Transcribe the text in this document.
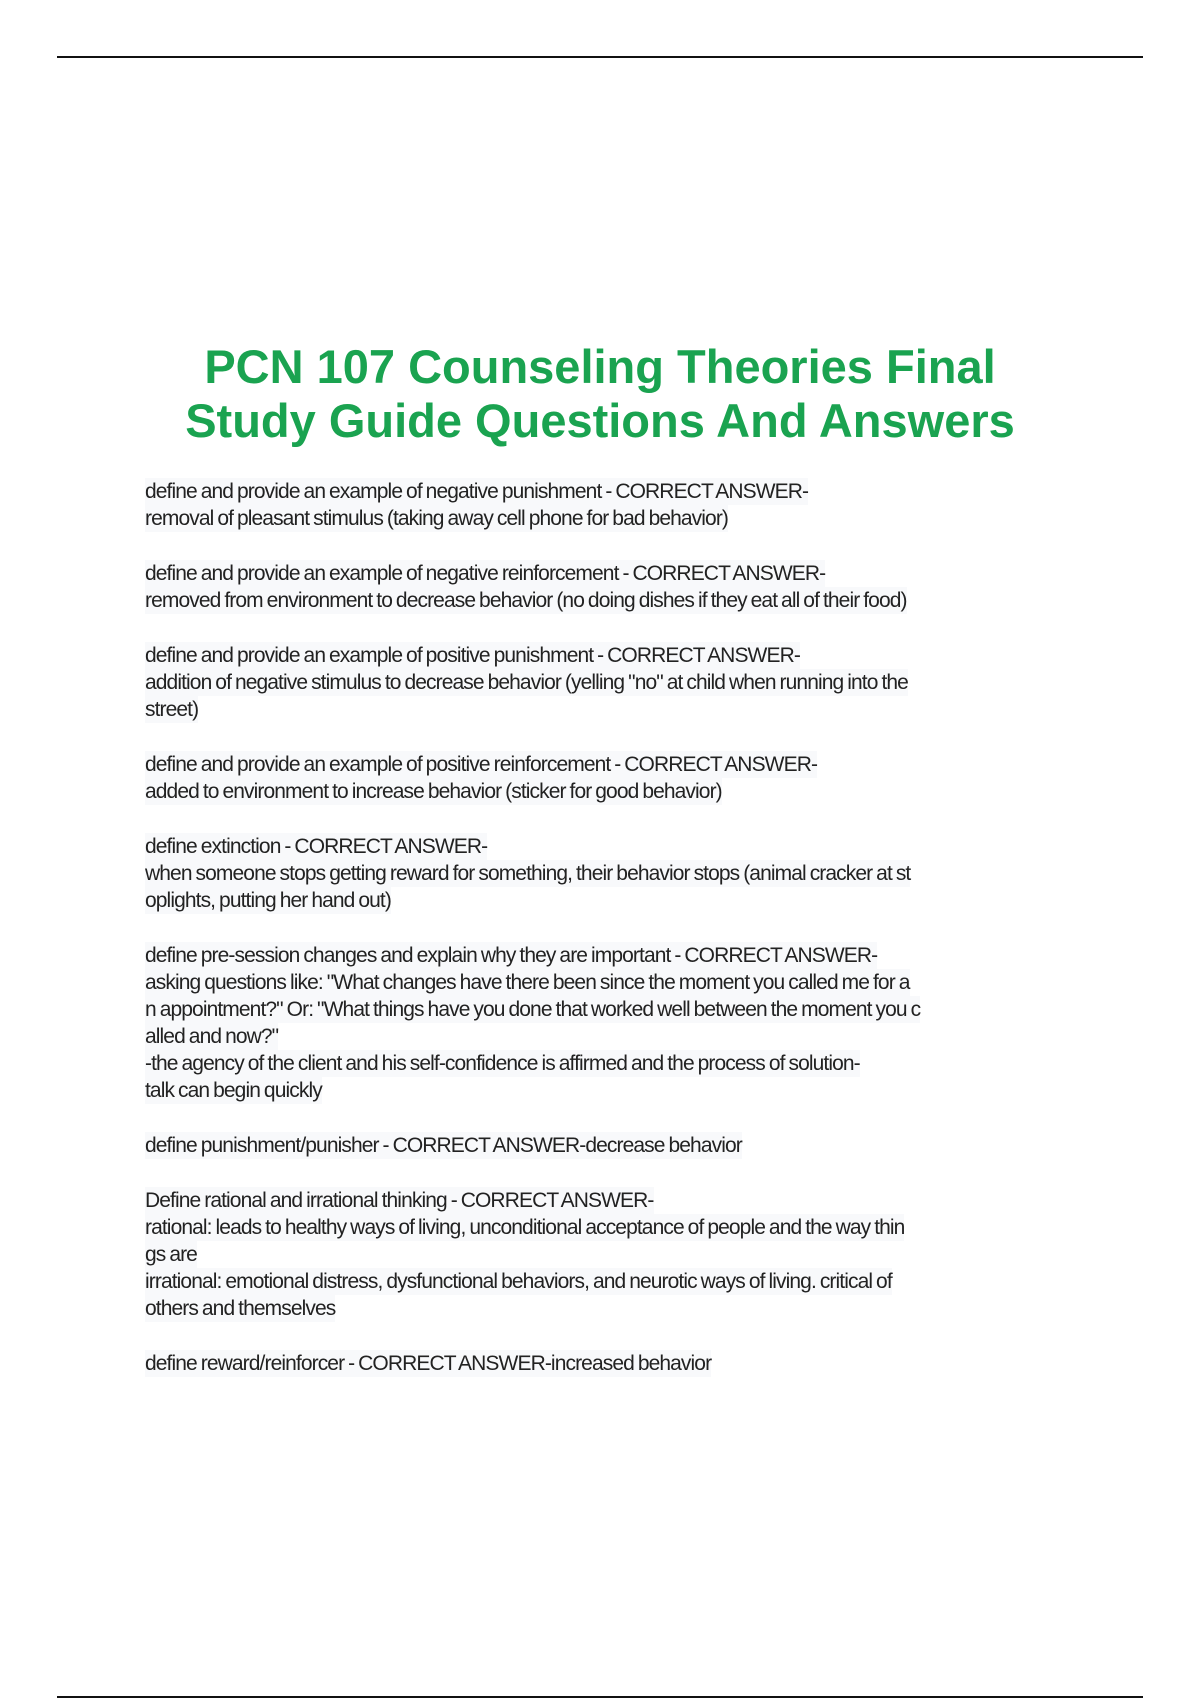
PCN 107 Counseling Theories Final
Study Guide Questions And Answers
define and provide an example of negative punishment - CORRECT ANSWER-
removal of pleasant stimulus (taking away cell phone for bad behavior)
define and provide an example of negative reinforcement - CORRECT ANSWER-
removed from environment to decrease behavior (no doing dishes if they eat all of their food)
define and provide an example of positive punishment - CORRECT ANSWER-
addition of negative stimulus to decrease behavior (yelling "no" at child when running into the
street)
define and provide an example of positive reinforcement - CORRECT ANSWER-
added to environment to increase behavior (sticker for good behavior)
define extinction - CORRECT ANSWER-
when someone stops getting reward for something, their behavior stops (animal cracker at st
oplights, putting her hand out)
define pre-session changes and explain why they are important - CORRECT ANSWER-
asking questions like: "What changes have there been since the moment you called me for a
n appointment?" Or: "What things have you done that worked well between the moment you c
alled and now?"
-the agency of the client and his self-confidence is affirmed and the process of solution-
talk can begin quickly
define punishment/punisher - CORRECT ANSWER-decrease behavior
Define rational and irrational thinking - CORRECT ANSWER-
rational: leads to healthy ways of living, unconditional acceptance of people and the way thin
gs are
irrational: emotional distress, dysfunctional behaviors, and neurotic ways of living. critical of
others and themselves
define reward/reinforcer - CORRECT ANSWER-increased behavior
